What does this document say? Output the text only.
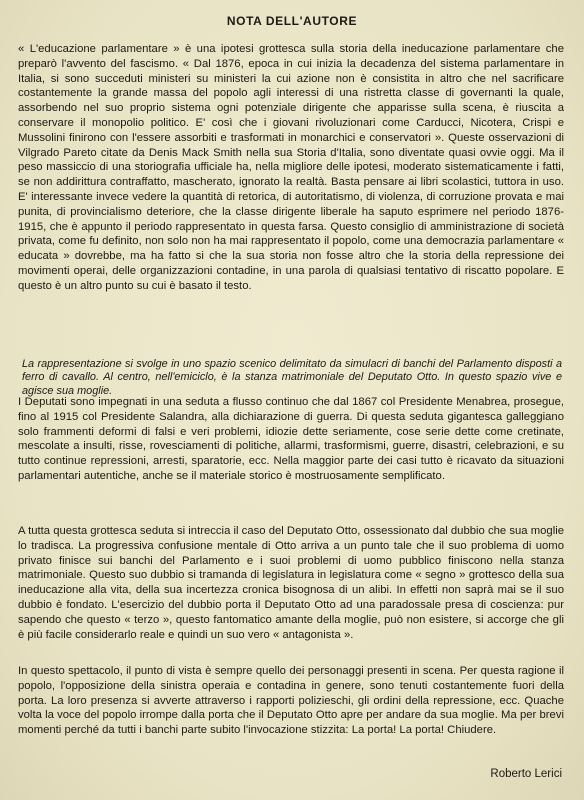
NOTA DELL'AUTORE

« L'educazione parlamentare » è una ipotesi grottesca sulla storia della ineducazione parlamentare che preparò l'avvento del fascismo. « Dal 1876, epoca in cui inizia la decadenza del sistema parlamentare in Italia, si sono succeduti ministeri su ministeri la cui azione non è consistita in altro che nel sacrificare costantemente la grande massa del popolo agli interessi di una ristretta classe di governanti la quale, assorbendo nel suo proprio sistema ogni potenziale dirigente che apparisse sulla scena, è riuscita a conservare il monopolio politico. E' così che i giovani rivoluzionari come Carducci, Nicotera, Crispi e Mussolini finirono con l'essere assorbiti e trasformati in monarchici e conservatori ». Queste osservazioni di Vilgrado Pareto citate da Denis Mack Smith nella sua Storia d'Italia, sono diventate quasi ovvie oggi. Ma il peso massiccio di una storiografia ufficiale ha, nella migliore delle ipotesi, moderato sistematicamente i fatti, se non addirittura contraffatto, mascherato, ignorato la realtà. Basta pensare ai libri scolastici, tuttora in uso. E' interessante invece vedere la quantità di retorica, di autoritatismo, di violenza, di corruzione provata e mai punita, di provincialismo deteriore, che la classe dirigente liberale ha saputo esprimere nel periodo 1876-1915, che è appunto il periodo rappresentato in questa farsa. Questo consiglio di amministrazione di società privata, come fu definito, non solo non ha mai rappresentato il popolo, come una democrazia parlamentare « educata » dovrebbe, ma ha fatto si che la sua storia non fosse altro che la storia della repressione dei movimenti operai, delle organizzazioni contadine, in una parola di qualsiasi tentativo di riscatto popolare. E questo è un altro punto su cui è basato il testo.

La rappresentazione si svolge in uno spazio scenico delimitato da simulacri di banchi del Parlamento disposti a ferro di cavallo. Al centro, nell'emiciclo, è la stanza matrimoniale del Deputato Otto. In questo spazio vive e agisce sua moglie.

I Deputati sono impegnati in una seduta a flusso continuo che dal 1867 col Presidente Menabrea, prosegue, fino al 1915 col Presidente Salandra, alla dichiarazione di guerra. Di questa seduta gigantesca galleggiano solo frammenti deformi di falsi e veri problemi, idiozie dette seriamente, cose serie dette come cretinate, mescolate a insulti, risse, rovesciamenti di politiche, allarmi, trasformismi, guerre, disastri, celebrazioni, e su tutto continue repressioni, arresti, sparatorie, ecc. Nella maggior parte dei casi tutto è ricavato da situazioni parlamentari autentiche, anche se il materiale storico è mostruosamente semplificato.

A tutta questa grottesca seduta si intreccia il caso del Deputato Otto, ossessionato dal dubbio che sua moglie lo tradisca. La progressiva confusione mentale di Otto arriva a un punto tale che il suo problema di uomo privato finisce sui banchi del Parlamento e i suoi problemi di uomo pubblico finiscono nella stanza matrimoniale. Questo suo dubbio si tramanda di legislatura in legislatura come « segno » grottesco della sua ineducazione alla vita, della sua incertezza cronica bisognosa di un alibi. In effetti non saprà mai se il suo dubbio è fondato. L'esercizio del dubbio porta il Deputato Otto ad una paradossale presa di coscienza: pur sapendo che questo « terzo », questo fantomatico amante della moglie, può non esistere, si accorge che gli è più facile considerarlo reale e quindi un suo vero « antagonista ».

In questo spettacolo, il punto di vista è sempre quello dei personaggi presenti in scena. Per questa ragione il popolo, l'opposizione della sinistra operaia e contadina in genere, sono tenuti costantemente fuori della porta. La loro presenza si avverte attraverso i rapporti polizieschi, gli ordini della repressione, ecc. Quache volta la voce del popolo irrompe dalla porta che il Deputato Otto apre per andare da sua moglie. Ma per brevi momenti perché da tutti i banchi parte subito l'invocazione stizzita: La porta! La porta! Chiudere.

Roberto Lerici
